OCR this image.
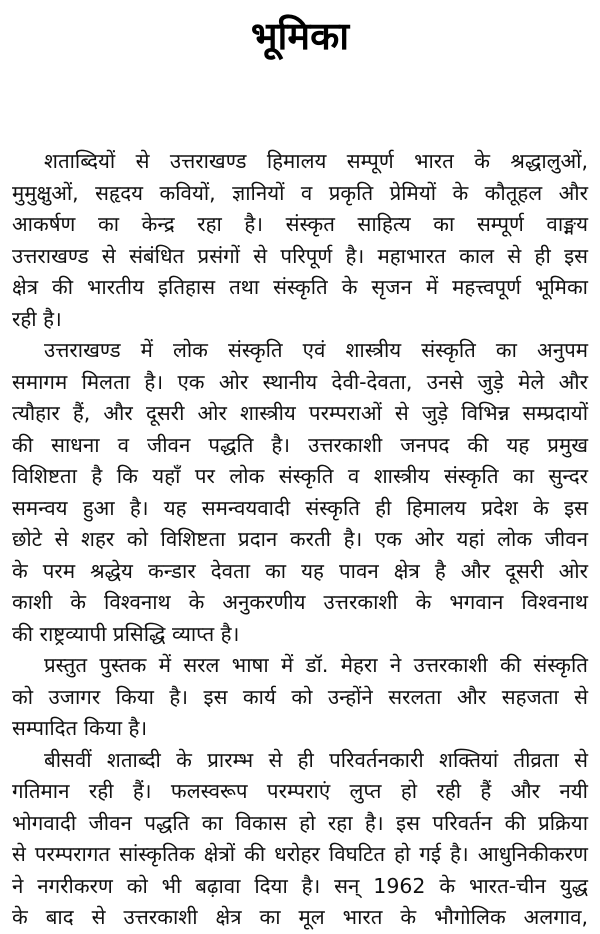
भूमिका
शताब्दियों से उत्तराखण्ड हिमालय सम्पूर्ण भारत के श्रद्धालुओं,
मुमुक्षुओं, सहृदय कवियों, ज्ञानियों व प्रकृति प्रेमियों के कौतूहल और
आकर्षण का केन्द्र रहा है। संस्कृत साहित्य का सम्पूर्ण वाङ्मय
उत्तराखण्ड से संबंधित प्रसंगों से परिपूर्ण है। महाभारत काल से ही इस
क्षेत्र की भारतीय इतिहास तथा संस्कृति के सृजन में महत्त्वपूर्ण भूमिका
रही है।
उत्तराखण्ड में लोक संस्कृति एवं शास्त्रीय संस्कृति का अनुपम
समागम मिलता है। एक ओर स्थानीय देवी-देवता, उनसे जुड़े मेले और
त्यौहार हैं, और दूसरी ओर शास्त्रीय परम्पराओं से जुड़े विभिन्न सम्प्रदायों
की साधना व जीवन पद्धति है। उत्तरकाशी जनपद की यह प्रमुख
विशिष्टता है कि यहाँ पर लोक संस्कृति व शास्त्रीय संस्कृति का सुन्दर
समन्वय हुआ है। यह समन्वयवादी संस्कृति ही हिमालय प्रदेश के इस
छोटे से शहर को विशिष्टता प्रदान करती है। एक ओर यहां लोक जीवन
के परम श्रद्धेय कन्डार देवता का यह पावन क्षेत्र है और दूसरी ओर
काशी के विश्वनाथ के अनुकरणीय उत्तरकाशी के भगवान विश्वनाथ
की राष्ट्रव्यापी प्रसिद्धि व्याप्त है।
प्रस्तुत पुस्तक में सरल भाषा में डॉ. मेहरा ने उत्तरकाशी की संस्कृति
को उजागर किया है। इस कार्य को उन्होंने सरलता और सहजता से
सम्पादित किया है।
बीसवीं शताब्दी के प्रारम्भ से ही परिवर्तनकारी शक्तियां तीव्रता से
गतिमान रही हैं। फलस्वरूप परम्पराएं लुप्त हो रही हैं और नयी
भोगवादी जीवन पद्धति का विकास हो रहा है। इस परिवर्तन की प्रक्रिया
से परम्परागत सांस्कृतिक क्षेत्रों की धरोहर विघटित हो गई है। आधुनिकीकरण
ने नगरीकरण को भी बढ़ावा दिया है। सन् 1962 के भारत-चीन युद्ध
के बाद से उत्तरकाशी क्षेत्र का मूल भारत के भौगोलिक अलगाव,
